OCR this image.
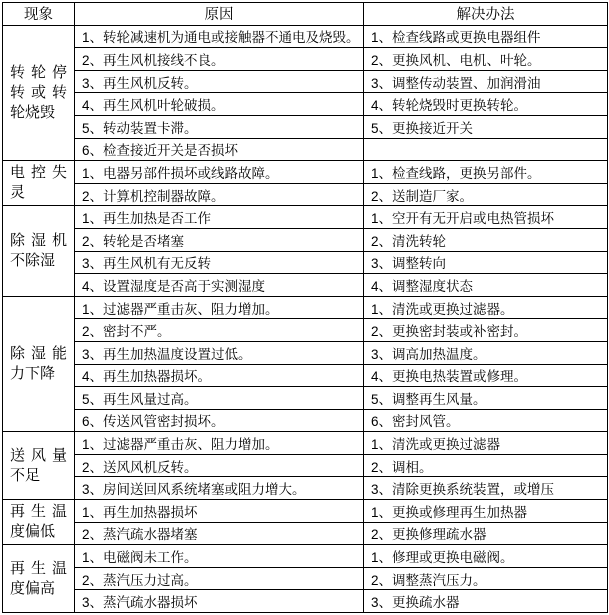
现象	原因	解决办法
转轮停转或转轮烧毁	1、转轮减速机为通电或接触器不通电及烧毁。	1、检查线路或更换电器组件
	2、再生风机接线不良。	2、更换风机、电机、叶轮。
	3、再生风机反转。	3、调整传动装置、加润滑油
	4、再生风机叶轮破损。	4、转轮烧毁时更换转轮。
	5、转动装置卡滞。	5、更换接近开关
	6、检查接近开关是否损坏	
电控失灵	1、电器另部件损坏或线路故障。	1、检查线路，更换另部件。
	2、计算机控制器故障。	2、送制造厂家。
除湿机不除湿	1、再生加热是否工作	1、空开有无开启或电热管损坏
	2、转轮是否堵塞	2、清洗转轮
	3、再生风机有无反转	3、调整转向
	4、设置湿度是否高于实测湿度	4、调整湿度状态
除湿能力下降	1、过滤器严重击灰、阻力增加。	1、清洗或更换过滤器。
	2、密封不严。	2、更换密封装或补密封。
	3、再生加热温度设置过低。	3、调高加热温度。
	4、再生加热器损坏。	4、更换电热装置或修理。
	5、再生风量过高。	5、调整再生风量。
	6、传送风管密封损坏。	6、密封风管。
送风量不足	1、过滤器严重击灰、阻力增加。	1、清洗或更换过滤器
	2、送风风机反转。	2、调相。
	3、房间送回风系统堵塞或阻力增大。	3、清除更换系统装置，或增压
再生温度偏低	1、再生加热器损坏	1、更换或修理再生加热器
	2、蒸汽疏水器堵塞	2、更换修理疏水器
再生温度偏高	1、电磁阀未工作。	1、修理或更换电磁阀。
	2、蒸汽压力过高。	2、调整蒸汽压力。
	3、蒸汽疏水器损坏	3、更换疏水器
